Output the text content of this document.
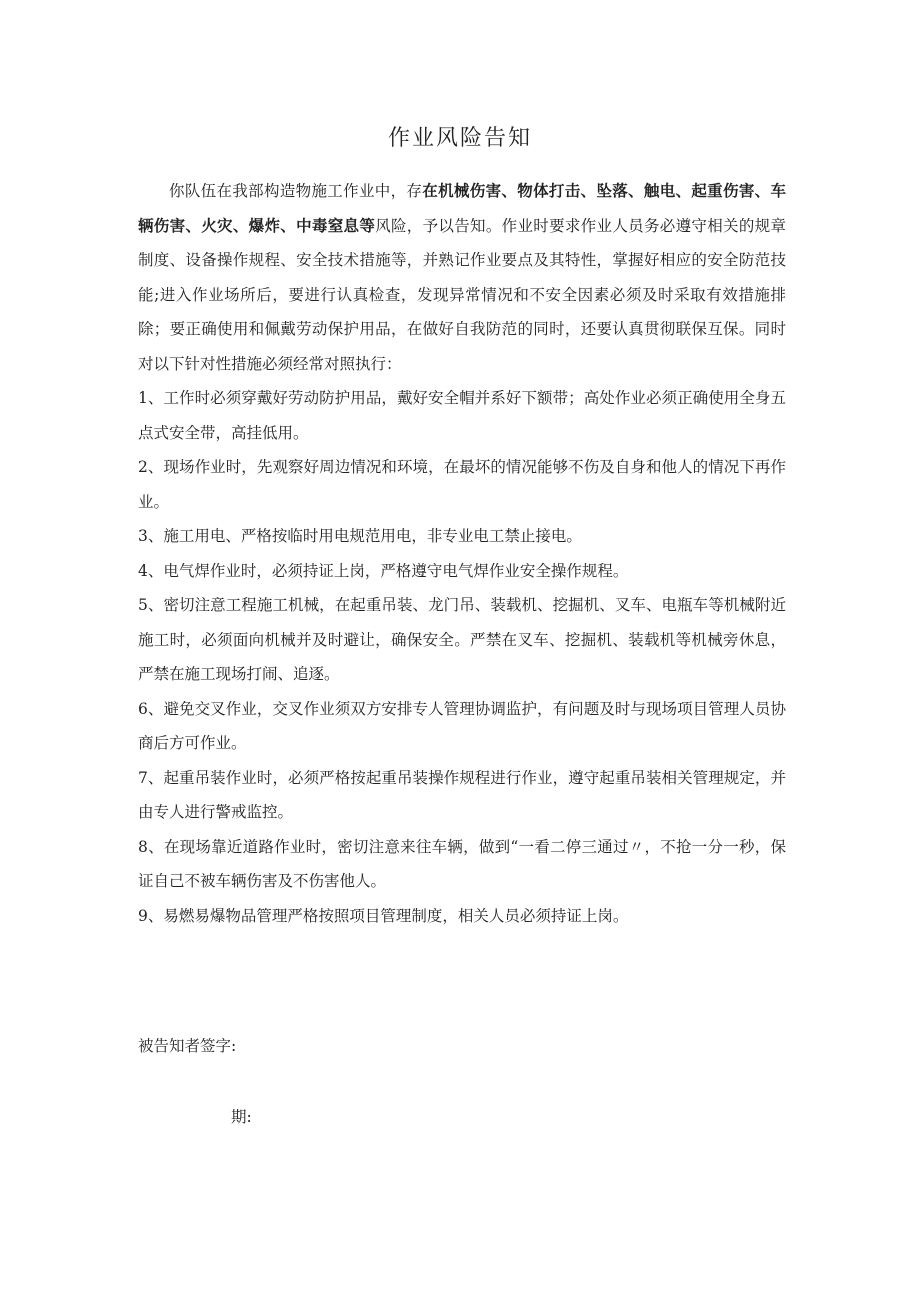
作业风险告知

你队伍在我部构造物施工作业中，存在机械伤害、物体打击、坠落、触电、起重伤害、车辆伤害、火灾、爆炸、中毒窒息等风险，予以告知。作业时要求作业人员务必遵守相关的规章制度、设备操作规程、安全技术措施等，并熟记作业要点及其特性，掌握好相应的安全防范技能;进入作业场所后，要进行认真检查，发现异常情况和不安全因素必须及时采取有效措施排除；要正确使用和佩戴劳动保护用品，在做好自我防范的同时，还要认真贯彻联保互保。同时对以下针对性措施必须经常对照执行：

1、工作时必须穿戴好劳动防护用品，戴好安全帽并系好下额带；高处作业必须正确使用全身五点式安全带，高挂低用。

2、现场作业时，先观察好周边情况和环境，在最坏的情况能够不伤及自身和他人的情况下再作业。

3、施工用电、严格按临时用电规范用电，非专业电工禁止接电。

4、电气焊作业时，必须持证上岗，严格遵守电气焊作业安全操作规程。

5、密切注意工程施工机械，在起重吊装、龙门吊、装载机、挖掘机、叉车、电瓶车等机械附近施工时，必须面向机械并及时避让，确保安全。严禁在叉车、挖掘机、装载机等机械旁休息，严禁在施工现场打闹、追逐。

6、避免交叉作业，交叉作业须双方安排专人管理协调监护，有问题及时与现场项目管理人员协商后方可作业。

7、起重吊装作业时，必须严格按起重吊装操作规程进行作业，遵守起重吊装相关管理规定，并由专人进行警戒监控。

8、在现场靠近道路作业时，密切注意来往车辆，做到“一看二停三通过〃，不抢一分一秒，保证自己不被车辆伤害及不伤害他人。

9、易燃易爆物品管理严格按照项目管理制度，相关人员必须持证上岗。

被告知者签字:
期:
